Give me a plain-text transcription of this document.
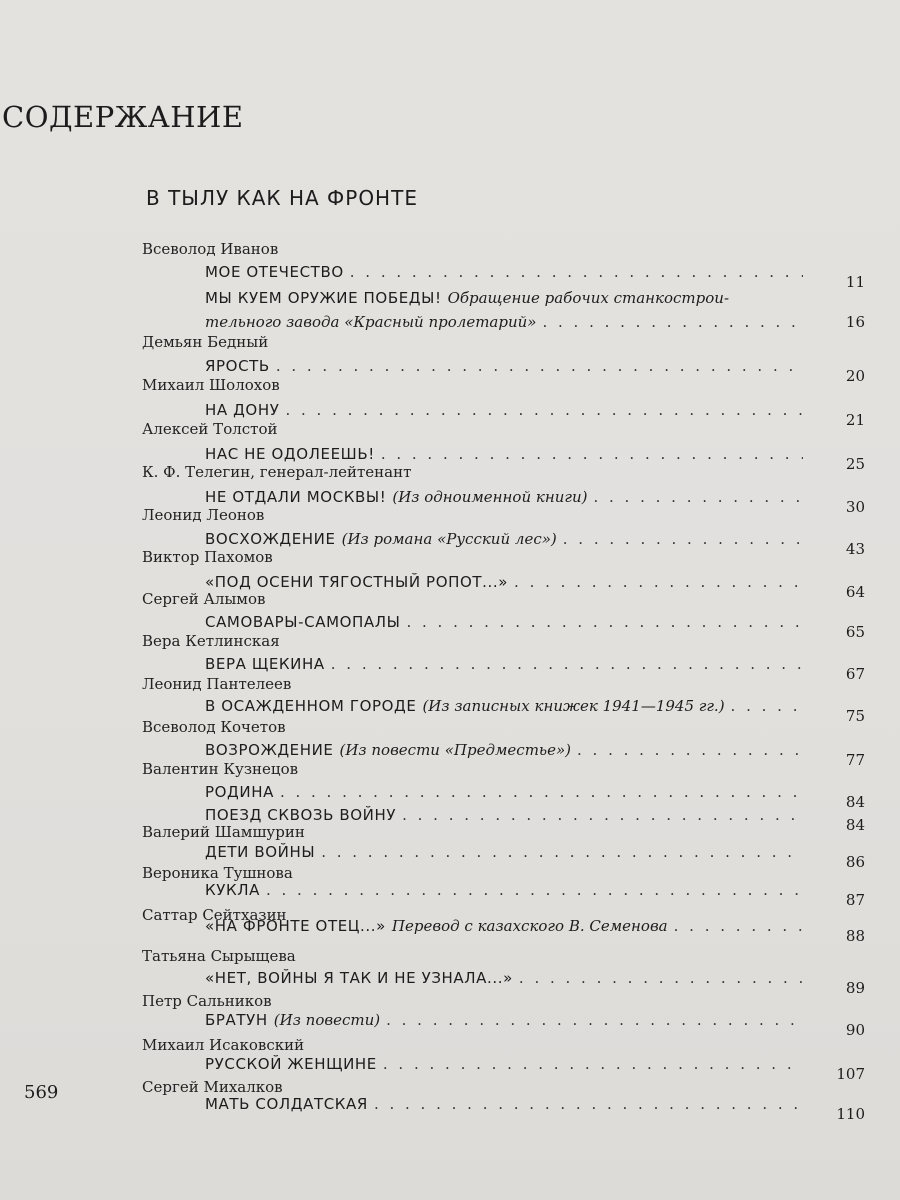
СОДЕРЖАНИЕ
В ТЫЛУ КАК НА ФРОНТЕ
Всеволод Иванов
МОЕ ОТЕЧЕСТВО
. . .
11
МЫ КУЕМ ОРУЖИЕ ПОБЕДЫ! Обращение рабочих станкострои-
тельного завода «Красный пролетарий»
. . .	16
Демьян Бедный
ЯРОСТЬ
. . .
20
Михаил Шолохов
НА ДОНУ
. . .
21
Алексей Толстой
НАС НЕ ОДОЛЕЕШЬ!
. . .
25
К. Ф. Телегин, генерал-лейтенант
НЕ ОТДАЛИ МОСКВЫ! (Из одноименной книги)
. . .
30
Леонид Леонов
ВОСХОЖДЕНИЕ (Из романа «Русский лес»)
. . .
43
Виктор Пахомов
«ПОД ОСЕНИ ТЯГОСТНЫЙ РОПОТ...»
. . .
64
Сергей Алымов
САМОВАРЫ-САМОПАЛЫ
. . .
65
Вера Кетлинская
ВЕРА ЩЕКИНА
. . .
67
Леонид Пантелеев
В ОСАЖДЕННОМ ГОРОДЕ (Из записных книжек 1941—1945 гг.)
. . .
75
Всеволод Кочетов
ВОЗРОЖДЕНИЕ (Из повести «Предместье»)
. . .
77
Валентин Кузнецов
РОДИНА
. . .
84
ПОЕЗД СКВОЗЬ ВОЙНУ
. . .
84
Валерий Шамшурин
ДЕТИ ВОЙНЫ
. . .
86
Вероника Тушнова
КУКЛА
. . .
87
Саттар Сейтхазин
«НА ФРОНТЕ ОТЕЦ...» Перевод с казахского В. Семенова
. . .
88
Татьяна Сырыщева
«НЕТ, ВОЙНЫ Я ТАК И НЕ УЗНАЛА...»
. . .
89
Петр Сальников
БРАТУН (Из повести)
. . .
90
Михаил Исаковский
РУССКОЙ ЖЕНЩИНЕ
. . .
107
Сергей Михалков
МАТЬ СОЛДАТСКАЯ
. . .
110
569
